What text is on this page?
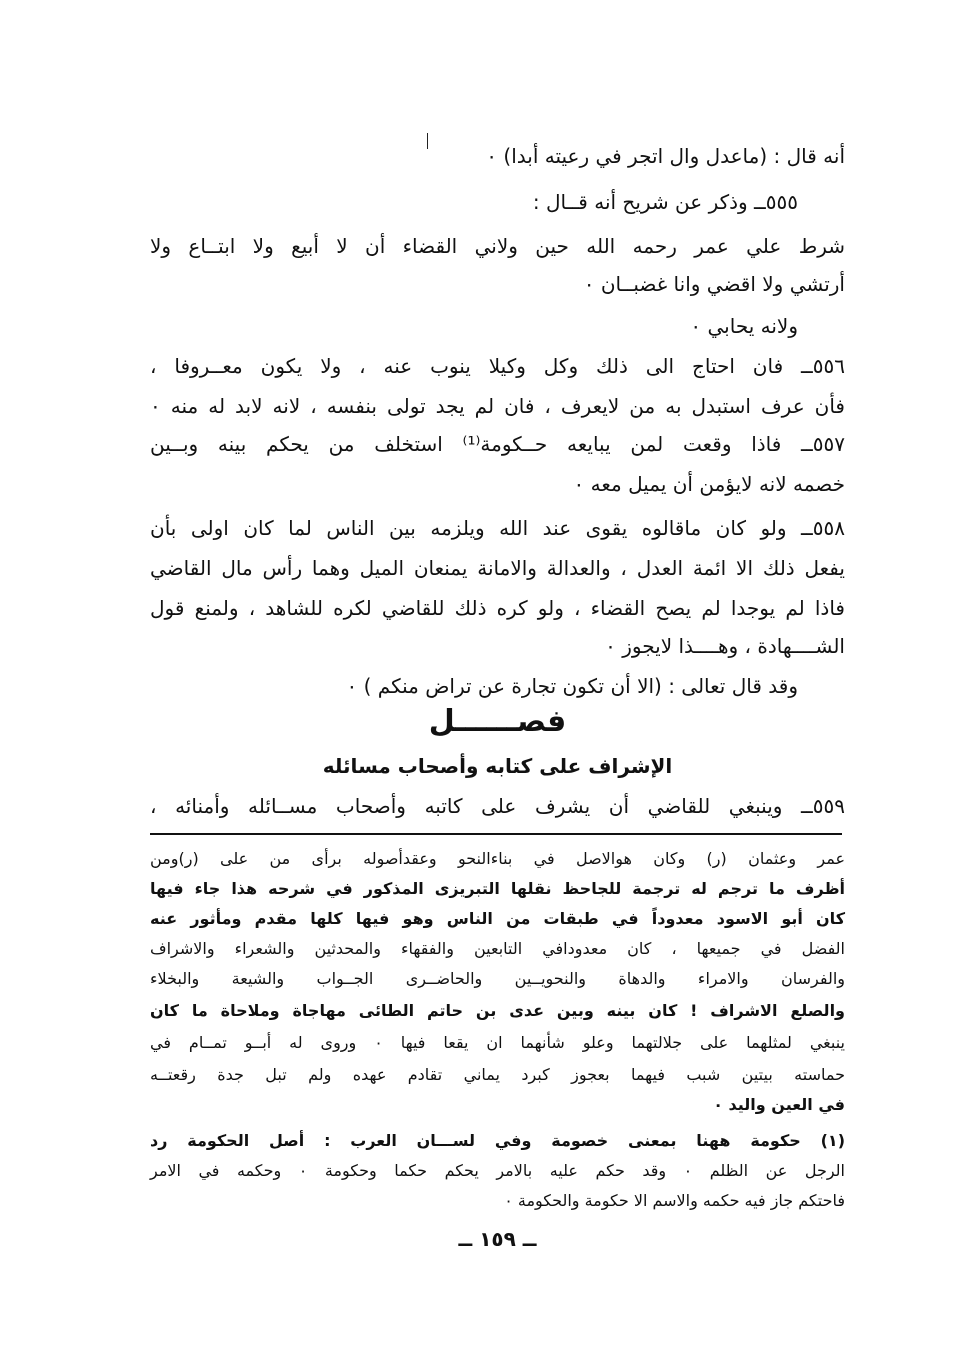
أنه قال : (ماعدل وال اتجر في رعيته أبدا) ٠
٥٥٥ــ وذكر عن شريح أنه قــال :
شرط علي عمر رحمه الله حين ولاني القضاء أن لا أبيع ولا ابتــاع ولا
أرتشي ولا اقضي وانا غضبــان ٠
ولانه يحابي ٠
٥٥٦ــ فان احتاج الى ذلك وكل وكيلا ينوب عنه ، ولا يكون معــروفا ،
فأن عرف استبدل به من لايعرف ، فان لم يجد تولى بنفسه ، لانه لابد له منه ٠
٥٥٧ــ فاذا وقعت لمن يبايعه حــكومة⁽¹⁾ استخلف من يحكم بينه وبــين
خصمه لانه لايؤمن أن يميل معه ٠
٥٥٨ــ ولو كان ماقالوه يقوى عند الله ويلزمه بين الناس لما كان اولى بأن
يفعل ذلك الا ائمة العدل ، والعدالة والامانة يمنعان الميل وهما رأس مال القاضي
فاذا لم يوجدا لم يصح القضاء ، ولو كره ذلك للقاضي لكره للشاهد ، ولمنع قول
الشــــهادة ، وهــــذا لايجوز ٠
وقد قال تعالى : (الا أن تكون تجارة عن تراض منكم ) ٠
فصــــــل
الإشراف على كتابه وأصحاب مسائله
٥٥٩ــ وينبغي للقاضي أن يشرف على كاتبه وأصحاب مســائله وأمنائه ،
عمر وعثمان (ر) وكان هوالاصل في بناءالنحو وعقدأصوله برأى من على (ر)ومن
أظرف ما ترجم له ترجمة للجاحظ نقلها التبريزى المذكور في شرحه هذا جاء فيها
كان أبو الاسود معدوداً في طبقات من الناس وهو فيها كلها مقدم ومأثور عنه
الفضل في جميعها ، كان معدودافي التابعين والفقهاء والمحدثين والشعراء والاشراف
والفرسان والامراء والدهاة والنحويــين والحاضــرى الجــواب والشيعة والبخلاء
والصلع الاشراف ! كان بينه وبين عدى بن حاتم الطائى مهاجاة وملاحاة ما كان
ينبغي لمثلهما على جلالتهما وعلو شأنهما ان يقعا فيها ٠ وروى له أبــو تمــام في
حماسته بيتين شبب فيهما بعجوز كبرد يماني تقادم عهده ولم تبل جدة رقعتــه
في العين واليد ٠
(١) حكومة ههنا بمعنى خصومة وفي لســـان العرب : أصل الحكومة رد
الرجل عن الظلم ٠ وقد حكم عليه بالامر يحكم حكما وحكومة ٠ وحكمه في الامر
فاحتكم جاز فيه حكمه والاسم الا حكومة والحكومة ٠
ــ ١٥٩ ــ
